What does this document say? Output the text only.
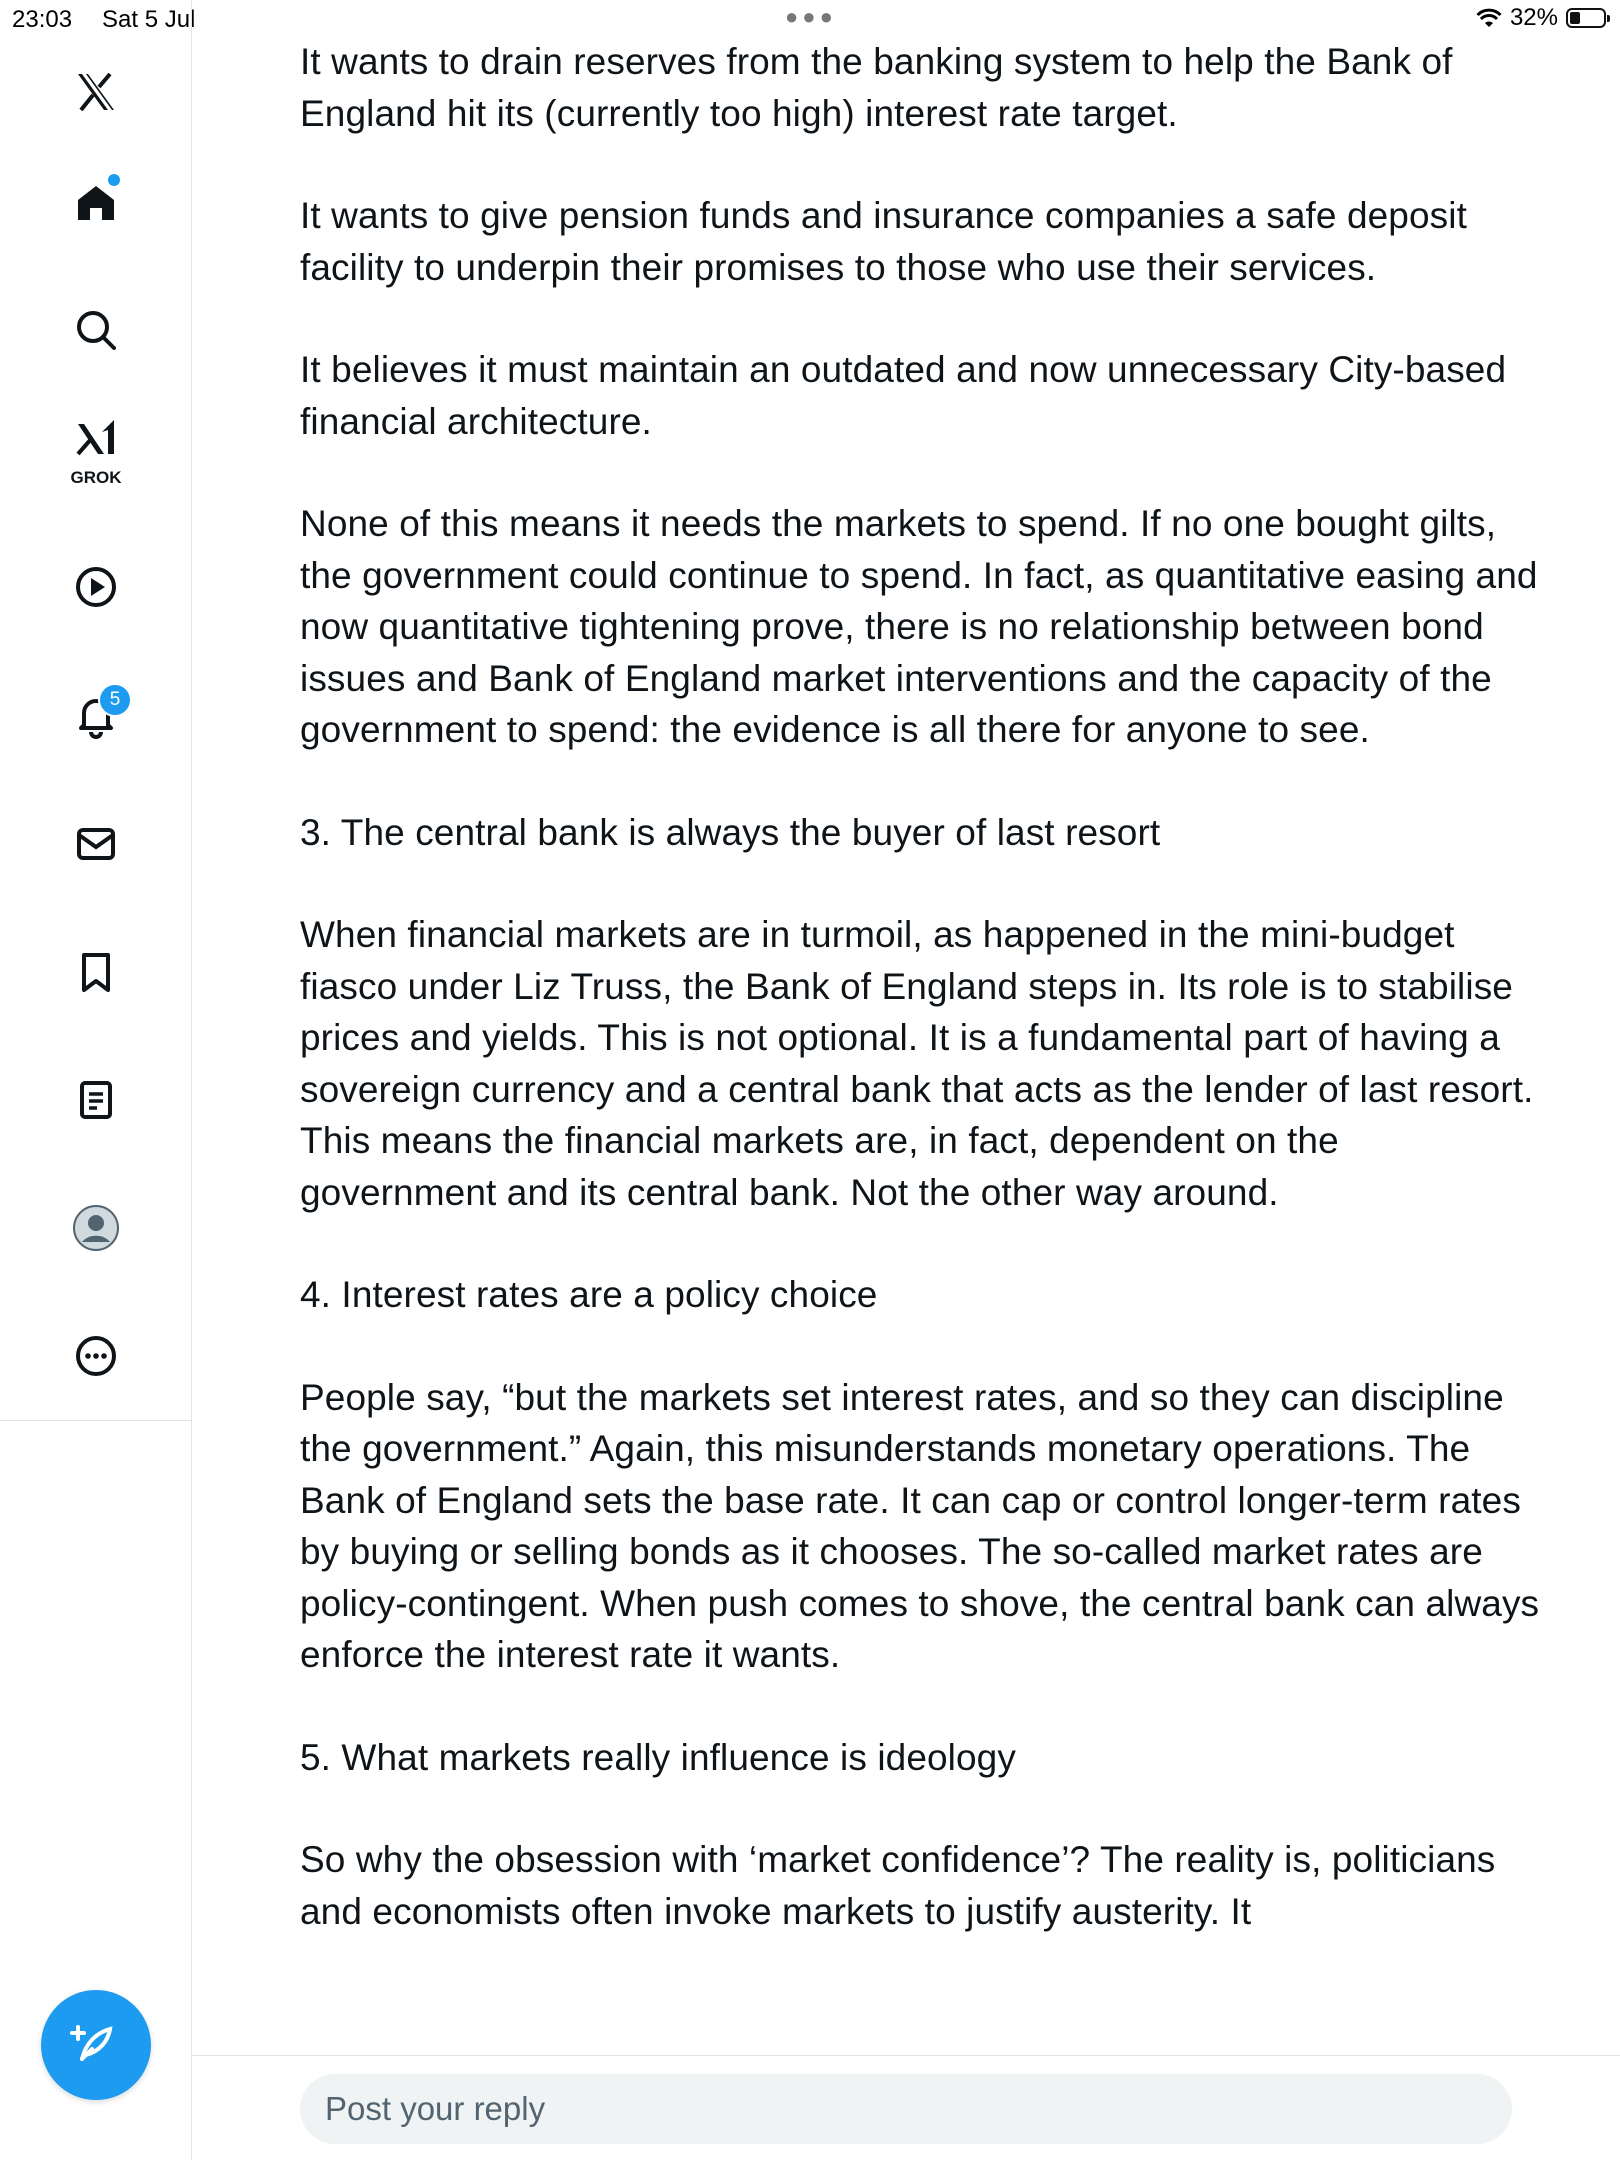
23:03 Sat 5 Jul	●●●	32%
GROK
5

It wants to drain reserves from the banking system to help the Bank of England hit its (currently too high) interest rate target.

It wants to give pension funds and insurance companies a safe deposit facility to underpin their promises to those who use their services.

It believes it must maintain an outdated and now unnecessary City-based financial architecture.

None of this means it needs the markets to spend. If no one bought gilts, the government could continue to spend. In fact, as quantitative easing and now quantitative tightening prove, there is no relationship between bond issues and Bank of England market interventions and the capacity of the government to spend: the evidence is all there for anyone to see.

3. The central bank is always the buyer of last resort

When financial markets are in turmoil, as happened in the mini-budget fiasco under Liz Truss, the Bank of England steps in. Its role is to stabilise prices and yields. This is not optional. It is a fundamental part of having a sovereign currency and a central bank that acts as the lender of last resort. This means the financial markets are, in fact, dependent on the government and its central bank. Not the other way around.

4. Interest rates are a policy choice

People say, “but the markets set interest rates, and so they can discipline the government.” Again, this misunderstands monetary operations. The Bank of England sets the base rate. It can cap or control longer-term rates by buying or selling bonds as it chooses. The so-called market rates are policy-contingent. When push comes to shove, the central bank can always enforce the interest rate it wants.

5. What markets really influence is ideology

So why the obsession with ‘market confidence’? The reality is, politicians and economists often invoke markets to justify austerity. It

Post your reply
